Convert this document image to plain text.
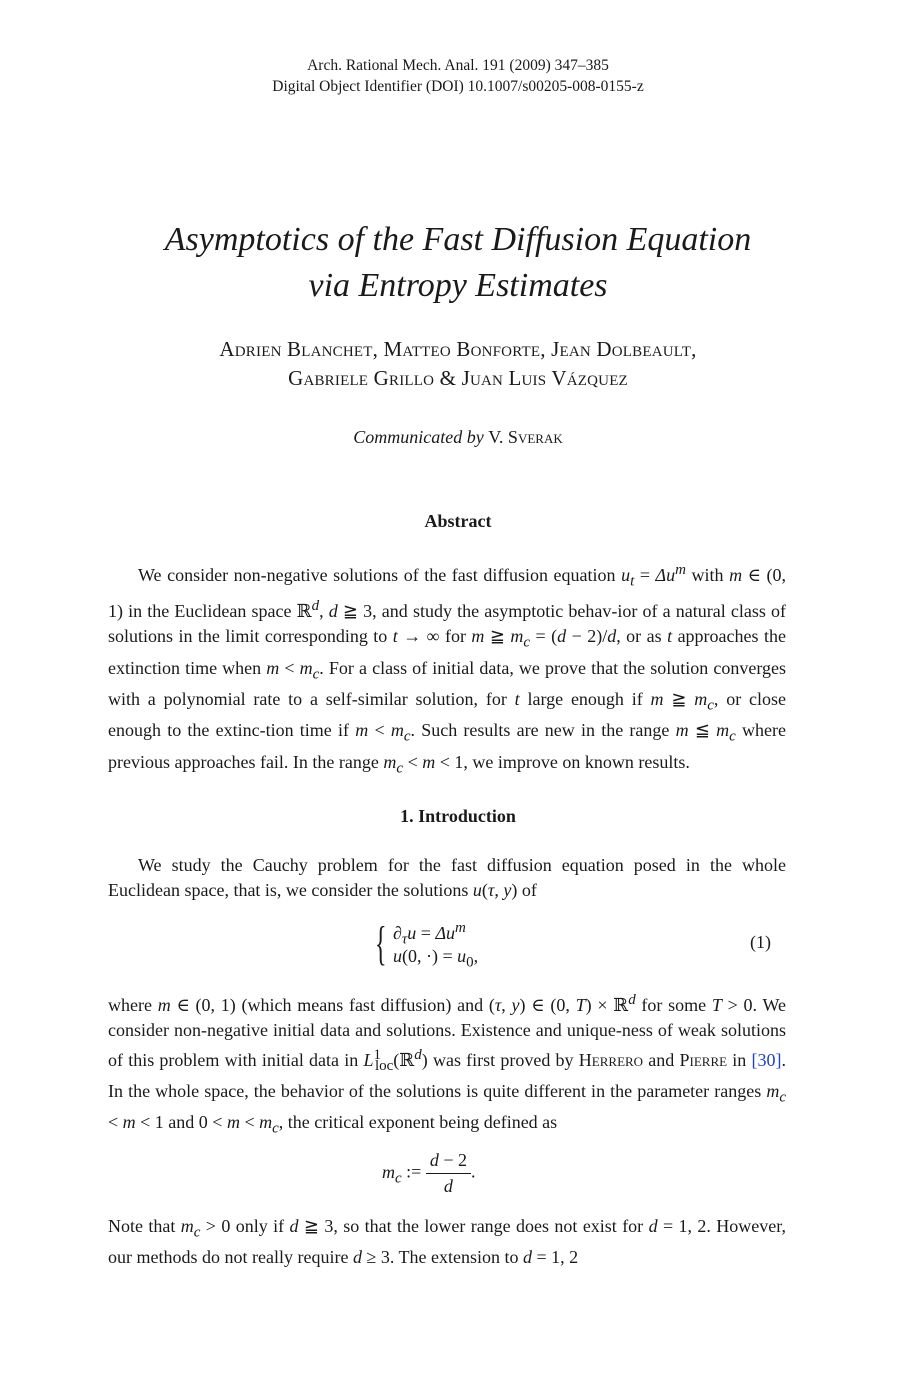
Arch. Rational Mech. Anal. 191 (2009) 347–385
Digital Object Identifier (DOI) 10.1007/s00205-008-0155-z
Asymptotics of the Fast Diffusion Equation
via Entropy Estimates
Adrien Blanchet, Matteo Bonforte, Jean Dolbeault,
Gabriele Grillo & Juan Luis Vázquez
Communicated by V. Sverak
Abstract
We consider non-negative solutions of the fast diffusion equation $u_t = \Delta u^m$ with m ∈ (0, 1) in the Euclidean space ℝ$^d$, d ≧ 3, and study the asymptotic behav-ior of a natural class of solutions in the limit corresponding to t → ∞ for m ≧ $m_c = (d - 2)/d$, or as t approaches the extinction time when $m < m_c$. For a class of initial data, we prove that the solution converges with a polynomial rate to a self-similar solution, for t large enough if m ≧ $m_c$, or close enough to the extinc-tion time if $m < m_c$. Such results are new in the range m ≦ $m_c$ where previous approaches fail. In the range $m_c < m < 1$, we improve on known results.
1. Introduction
We study the Cauchy problem for the fast diffusion equation posed in the whole Euclidean space, that is, we consider the solutions u(τ, y) of
{ $\partial_\tau u = \Delta u^m$
u(0, ·) = $u_0$,
(1)
where m ∈ (0, 1) (which means fast diffusion) and (τ, y) ∈ (0, T) × ℝ$^d$ for some T > 0. We consider non-negative initial data and solutions. Existence and unique-ness of weak solutions of this problem with initial data in $L^1_{loc}(ℝ^d)$ was first proved by Herrero and Pierre in [30]. In the whole space, the behavior of the solutions is quite different in the parameter ranges $m_c < m < 1$ and $0 < m < m_c$, the critical exponent being defined as
$m_c$ := $\frac{d - 2}{d}$ .
Note that $m_c > 0$ only if d ≧ 3, so that the lower range does not exist for d = 1, 2. However, our methods do not really require d ≥ 3. The extension to d = 1, 2
